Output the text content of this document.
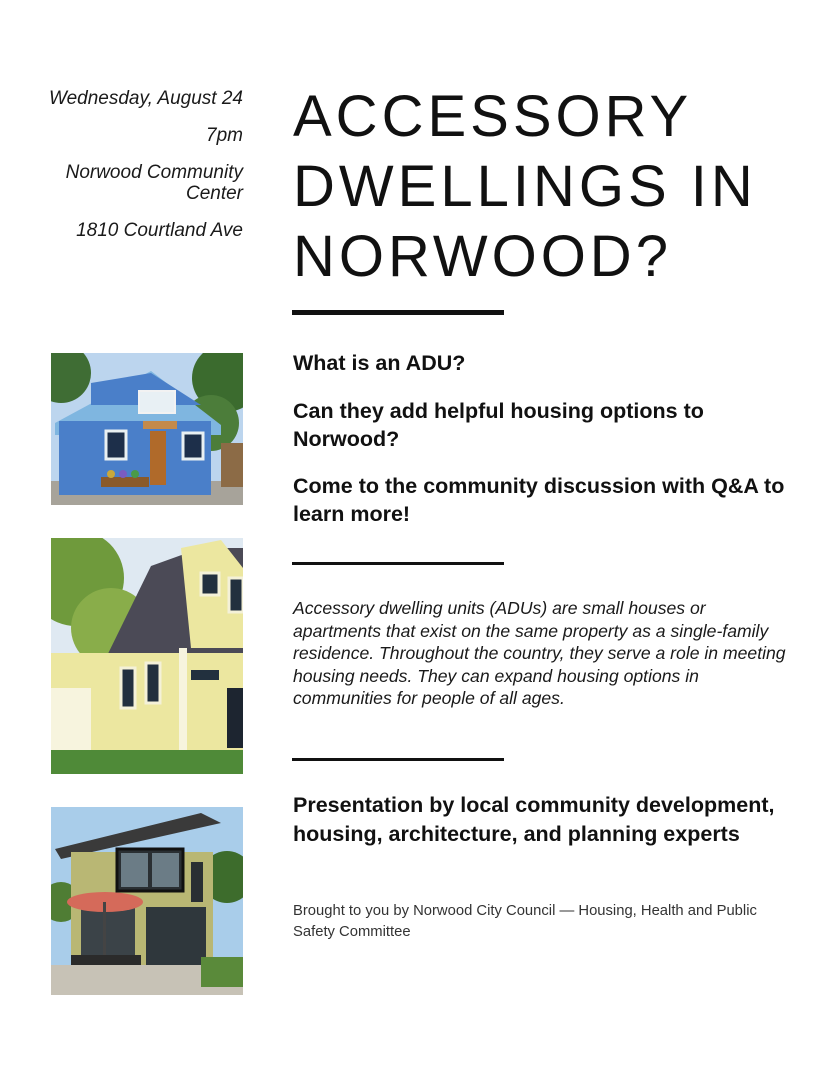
Wednesday, August 24
7pm
Norwood Community Center
1810 Courtland Ave
ACCESSORY DWELLINGS IN NORWOOD?

What is an ADU?

Can they add helpful housing options to Norwood?

Come to the community discussion with Q&A to learn more!

Accessory dwelling units (ADUs) are small houses or apartments that exist on the same property as a single-family residence. Throughout the country, they serve a role in meeting housing needs. They can expand housing options in communities for people of all ages.

Presentation by local community development, housing, architecture, and planning experts

Brought to you by Norwood City Council — Housing, Health and Public Safety Committee
